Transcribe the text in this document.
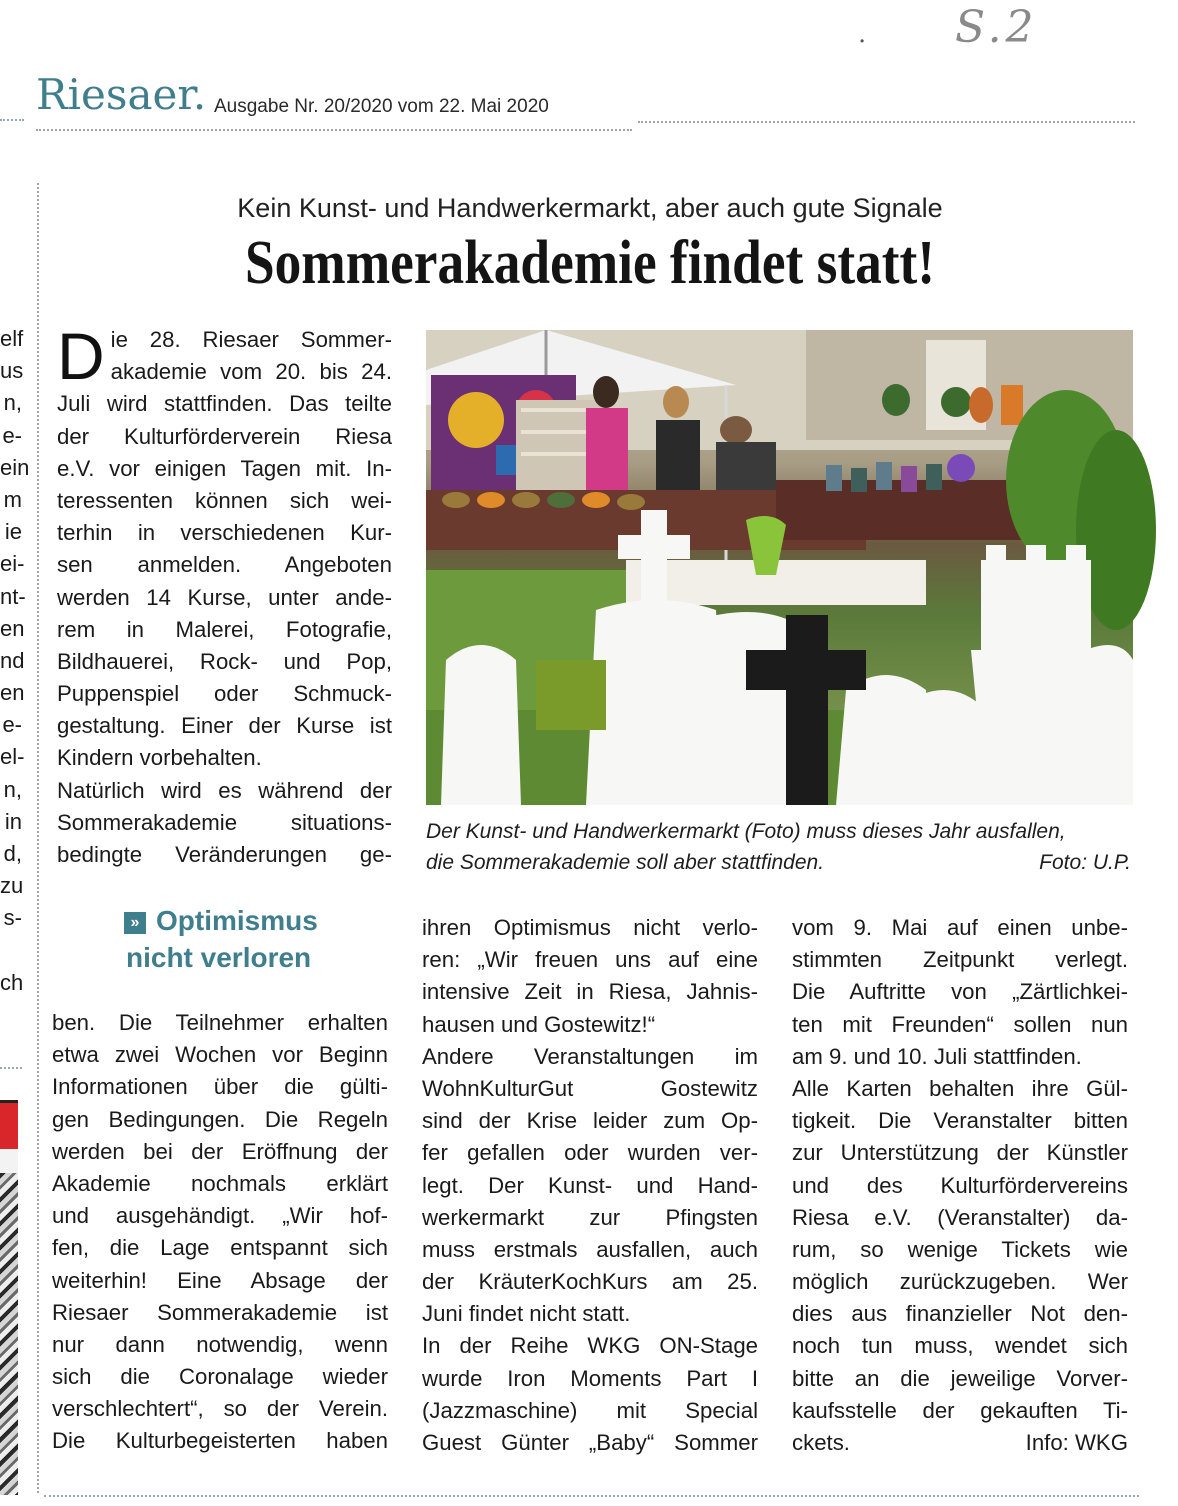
S.2
•
Riesaer. Ausgabe Nr. 20/2020 vom 22. Mai 2020
elf
us
n,
e-
ein
m
ie
ei-
nt-
en
nd
en
e-
el-
n,
in
d,
zu
s-
ch
Kein Kunst- und Handwerkermarkt, aber auch gute Signale
Sommerakademie findet statt!
D ie 28. Riesaer Sommer-
akademie vom 20. bis 24.
Juli wird stattfinden. Das teilte
der Kulturförderverein Riesa
e.V. vor einigen Tagen mit. In-
teressenten können sich wei-
terhin in verschiedenen Kur-
sen anmelden. Angeboten
werden 14 Kurse, unter ande-
rem in Malerei, Fotografie,
Bildhauerei, Rock- und Pop,
Puppenspiel oder Schmuck-
gestaltung. Einer der Kurse ist
Kindern vorbehalten.
Natürlich wird es während der
Sommerakademie situations-
bedingte Veränderungen ge-
» Optimismus
nicht verloren
ben. Die Teilnehmer erhalten
etwa zwei Wochen vor Beginn
Informationen über die gülti-
gen Bedingungen. Die Regeln
werden bei der Eröffnung der
Akademie nochmals erklärt
und ausgehändigt. „Wir hof-
fen, die Lage entspannt sich
weiterhin! Eine Absage der
Riesaer Sommerakademie ist
nur dann notwendig, wenn
sich die Coronalage wieder
verschlechtert“, so der Verein.
Die Kulturbegeisterten haben
Der Kunst- und Handwerkermarkt (Foto) muss dieses Jahr ausfallen,
die Sommerakademie soll aber stattfinden.	Foto: U.P.
ihren Optimismus nicht verlo-
ren: „Wir freuen uns auf eine
intensive Zeit in Riesa, Jahnis-
hausen und Gostewitz!“
Andere Veranstaltungen im
WohnKulturGut Gostewitz
sind der Krise leider zum Op-
fer gefallen oder wurden ver-
legt. Der Kunst- und Hand-
werkermarkt zur Pfingsten
muss erstmals ausfallen, auch
der KräuterKochKurs am 25.
Juni findet nicht statt.
In der Reihe WKG ON-Stage
wurde Iron Moments Part I
(Jazzmaschine) mit Special
Guest Günter „Baby“ Sommer
vom 9. Mai auf einen unbe-
stimmten Zeitpunkt verlegt.
Die Auftritte von „Zärtlichkei-
ten mit Freunden“ sollen nun
am 9. und 10. Juli stattfinden.
Alle Karten behalten ihre Gül-
tigkeit. Die Veranstalter bitten
zur Unterstützung der Künstler
und des Kulturfördervereins
Riesa e.V. (Veranstalter) da-
rum, so wenige Tickets wie
möglich zurückzugeben. Wer
dies aus finanzieller Not den-
noch tun muss, wendet sich
bitte an die jeweilige Vorver-
kaufsstelle der gekauften Ti-
ckets.	Info: WKG
